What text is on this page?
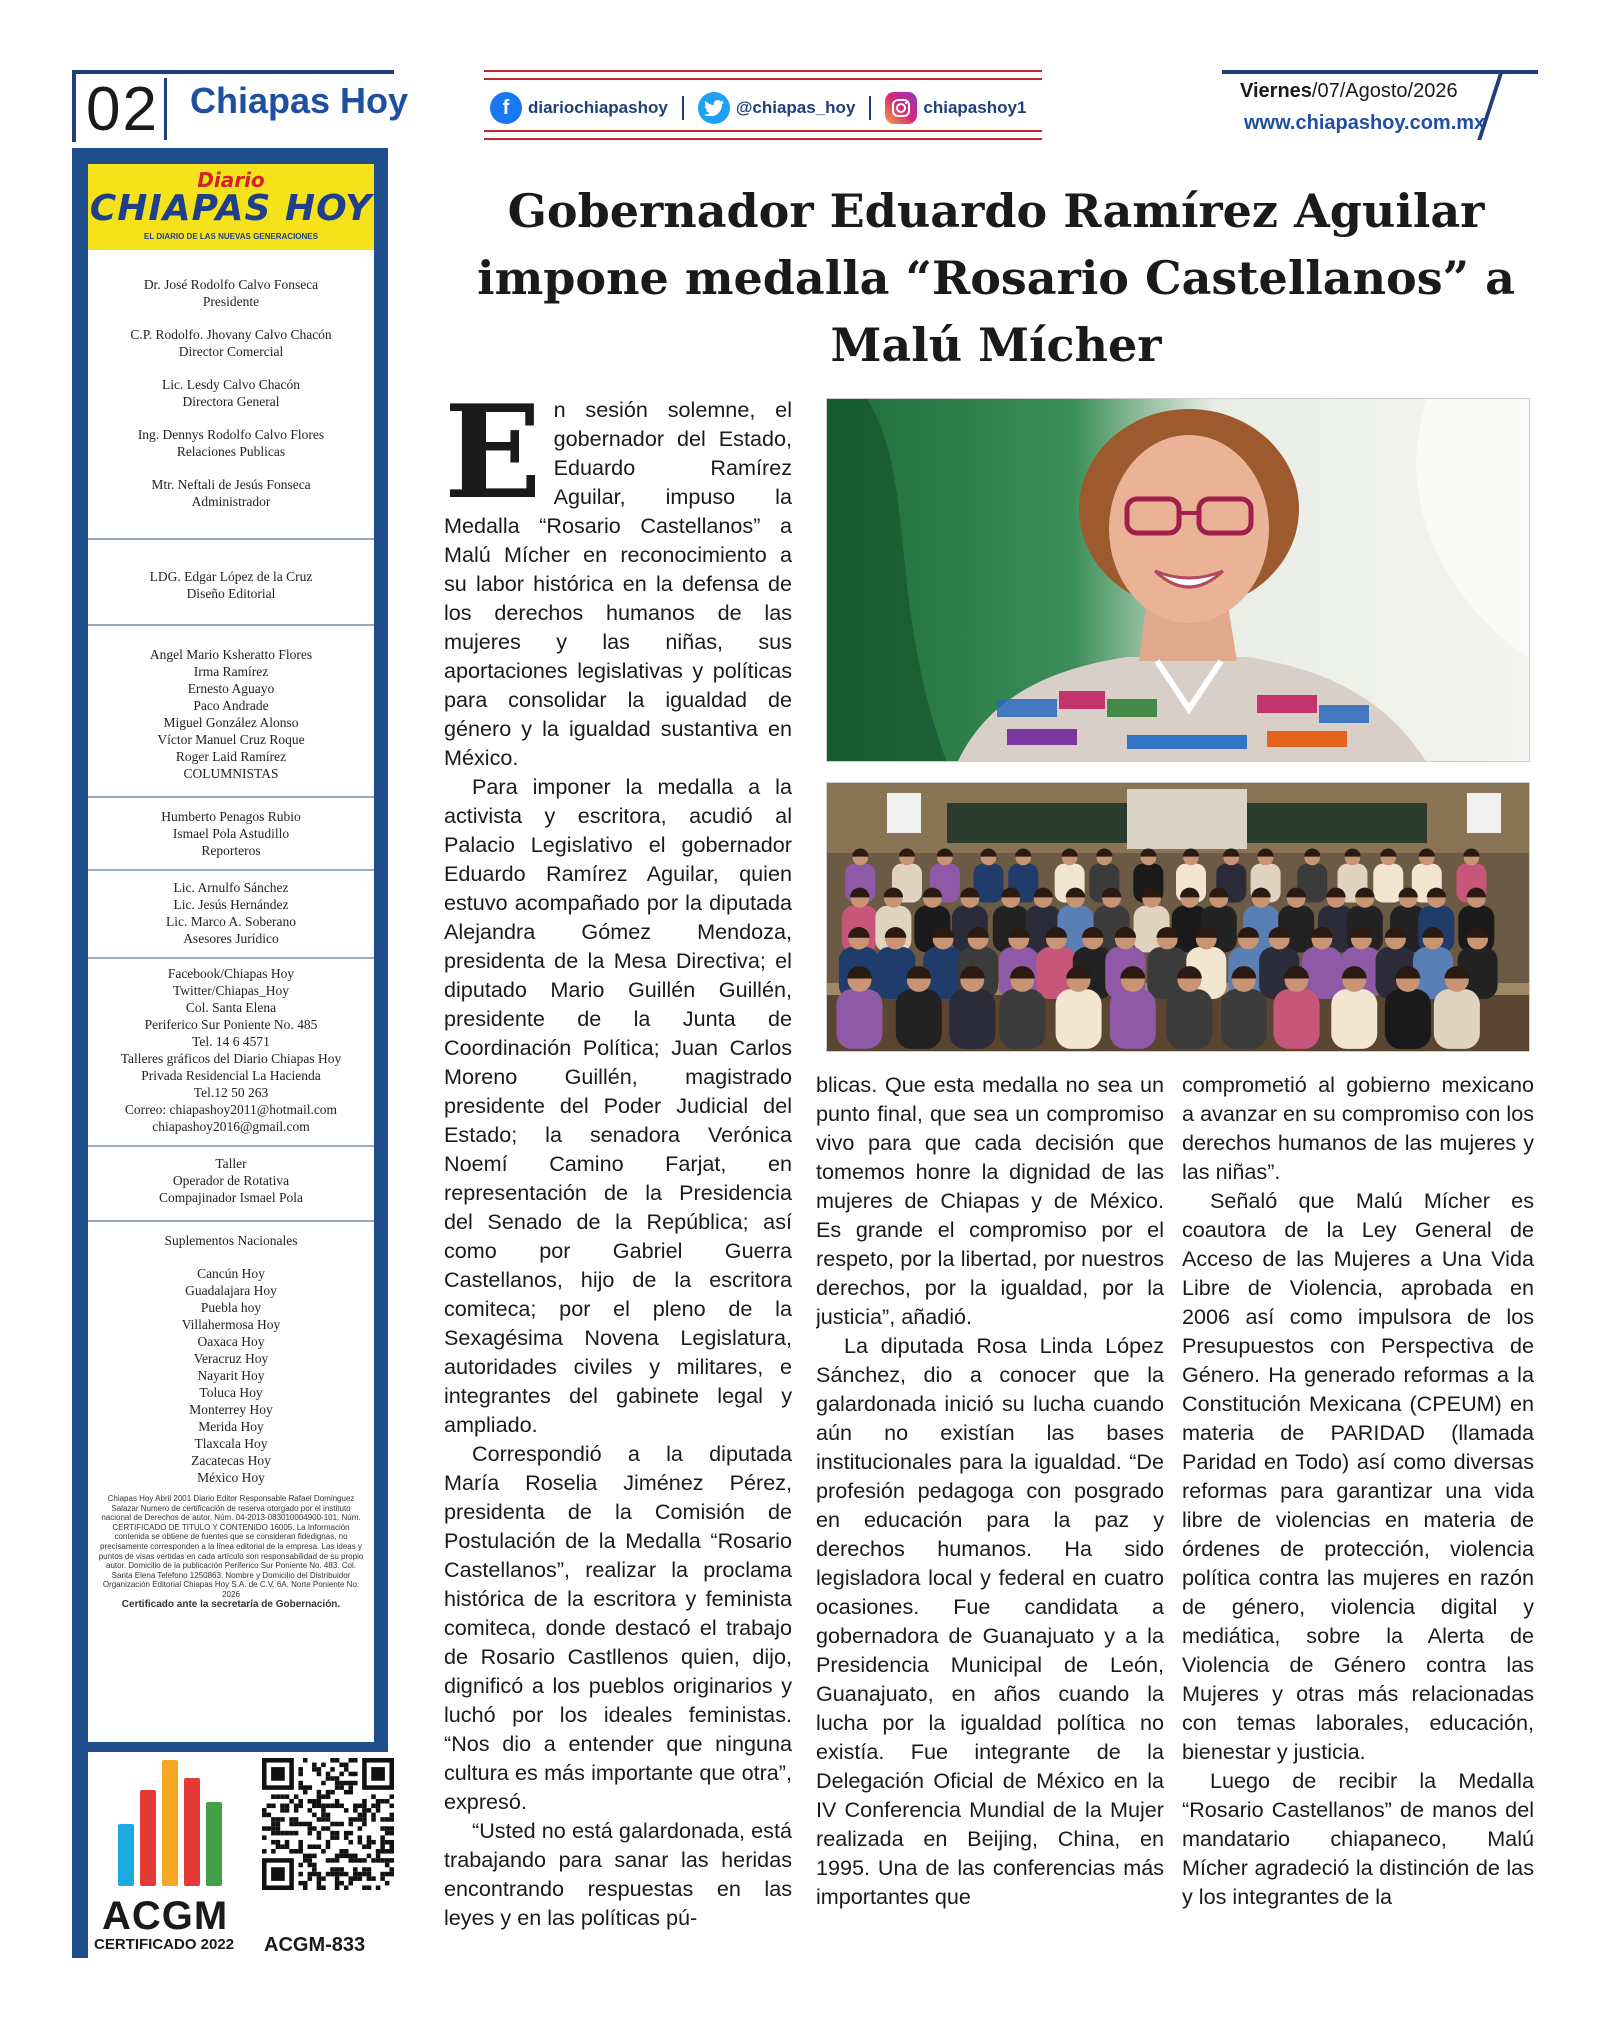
02 Chiapas Hoy	f	diariochiapashoy	@chiapas_hoy	chiapashoy1
Viernes/07/Agosto/2026
www.chiapashoy.com.mx
Diario
CHIAPAS HOY
EL DIARIO DE LAS NUEVAS GENERACIONES
Dr. José Rodolfo Calvo Fonseca
Presidente
C.P. Rodolfo. Jhovany Calvo Chacón
Director Comercial
Lic. Lesdy Calvo Chacón
Directora General
Ing. Dennys Rodolfo Calvo Flores
Relaciones Publicas
Mtr. Neftali de Jesús Fonseca
Administrador
LDG. Edgar López de la Cruz
Diseño Editorial
Angel Mario Ksheratto Flores
Irma Ramírez
Ernesto Aguayo
Paco Andrade
Miguel González Alonso
Víctor Manuel Cruz Roque
Roger Laid Ramírez
COLUMNISTAS
Humberto Penagos Rubio
Ismael Pola Astudillo
Reporteros
Lic. Arnulfo Sánchez
Lic. Jesús Hernández
Lic. Marco A. Soberano
Asesores Jurídico
Facebook/Chiapas Hoy
Twitter/Chiapas_Hoy
Col. Santa Elena
Periferico Sur Poniente No. 485
Tel. 14 6 4571
Talleres gráficos del Diario Chiapas Hoy
Privada Residencial La Hacienda
Tel.12 50 263
Correo: chiapashoy2011@hotmail.com
chiapashoy2016@gmail.com
Taller
Operador de Rotativa
Compajinador Ismael Pola
Suplementos Nacionales
Cancún Hoy
Guadalajara Hoy
Puebla hoy
Villahermosa Hoy
Oaxaca Hoy
Veracruz Hoy
Nayarit Hoy
Toluca Hoy
Monterrey Hoy
Merida Hoy
Tlaxcala Hoy
Zacatecas Hoy
México Hoy
Chiapas Hoy Abril 2001 Diario Editor Responsable Rafael Dominguez Salazar Numero de certificación de reserva otorgado por el instituto nacional de Derechos de autor. Núm. 04-2013-083010004900-101. Núm. CERTIFICADO DE TITULO Y CONTENIDO 16005. La Información contenida se obtiene de fuentes que se consideran fidedignas, no precisamente corresponden a la línea editorial de la empresa. Las ideas y puntos de visas vertidas en cada artículo son responsabilidad de su propio autor. Domicilio de la publicación Periferico Sur Poniente No. 483. Col. Santa Elena Telefono 1250863. Nombre y Domicilio del Distribuidor Organización Editorial Chiapas Hoy S.A. de C.V. 6A. Norte Poniente No. 2026
Certificado ante la secretaría de Gobernación.
ACGM
CERTIFICADO 2022 ACGM-833
Gobernador Eduardo Ramírez Aguilar impone medalla “Rosario Castellanos” a Malú Mícher
E n sesión solemne, el gobernador del Estado, Eduardo Ramírez Aguilar, impuso la Medalla “Rosario Castellanos” a Malú Mícher en reconocimiento a su labor histórica en la defensa de los derechos humanos de las mujeres y las niñas, sus aportaciones legislativas y políticas para consolidar la igualdad de género y la igualdad sustantiva en México.

Para imponer la medalla a la activista y escritora, acudió al Palacio Legislativo el gobernador Eduardo Ramírez Aguilar, quien estuvo acompañado por la diputada Alejandra Gómez Mendoza, presidenta de la Mesa Directiva; el diputado Mario Guillén Guillén, presidente de la Junta de Coordinación Política; Juan Carlos Moreno Guillén, magistrado presidente del Poder Judicial del Estado; la senadora Verónica Noemí Camino Farjat, en representación de la Presidencia del Senado de la República; así como por Gabriel Guerra Castellanos, hijo de la escritora comiteca; por el pleno de la Sexagésima Novena Legislatura, autoridades civiles y militares, e integrantes del gabinete legal y ampliado.

Correspondió a la diputada María Roselia Jiménez Pérez, presidenta de la Comisión de Postulación de la Medalla “Rosario Castellanos”, realizar la proclama histórica de la escritora y feminista comiteca, donde destacó el trabajo de Rosario Castllenos quien, dijo, dignificó a los pueblos originarios y luchó por los ideales feministas. “Nos dio a entender que ninguna cultura es más importante que otra”, expresó.

“Usted no está galardonada, está trabajando para sanar las heridas encontrando respuestas en las leyes y en las políticas pú-

blicas. Que esta medalla no sea un punto final, que sea un compromiso vivo para que cada decisión que tomemos honre la dignidad de las mujeres de Chiapas y de México. Es grande el compromiso por el respeto, por la libertad, por nuestros derechos, por la igualdad, por la justicia”, añadió.

La diputada Rosa Linda López Sánchez, dio a conocer que la galardonada inició su lucha cuando aún no existían las bases institucionales para la igualdad. “De profesión pedagoga con posgrado en educación para la paz y derechos humanos. Ha sido legisladora local y federal en cuatro ocasiones. Fue candidata a gobernadora de Guanajuato y a la Presidencia Municipal de León, Guanajuato, en años cuando la lucha por la igualdad política no existía. Fue integrante de la Delegación Oficial de México en la IV Conferencia Mundial de la Mujer realizada en Beijing, China, en 1995. Una de las conferencias más importantes que

comprometió al gobierno mexicano a avanzar en su compromiso con los derechos humanos de las mujeres y las niñas”.

Señaló que Malú Mícher es coautora de la Ley General de Acceso de las Mujeres a Una Vida Libre de Violencia, aprobada en 2006 así como impulsora de los Presupuestos con Perspectiva de Género. Ha generado reformas a la Constitución Mexicana (CPEUM) en materia de PARIDAD (llamada Paridad en Todo) así como diversas reformas para garantizar una vida libre de violencias en materia de órdenes de protección, violencia política contra las mujeres en razón de género, violencia digital y mediática, sobre la Alerta de Violencia de Género contra las Mujeres y otras más relacionadas con temas laborales, educación, bienestar y justicia.

Luego de recibir la Medalla “Rosario Castellanos” de manos del mandatario chiapaneco, Malú Mícher agradeció la distinción de las y los integrantes de la
